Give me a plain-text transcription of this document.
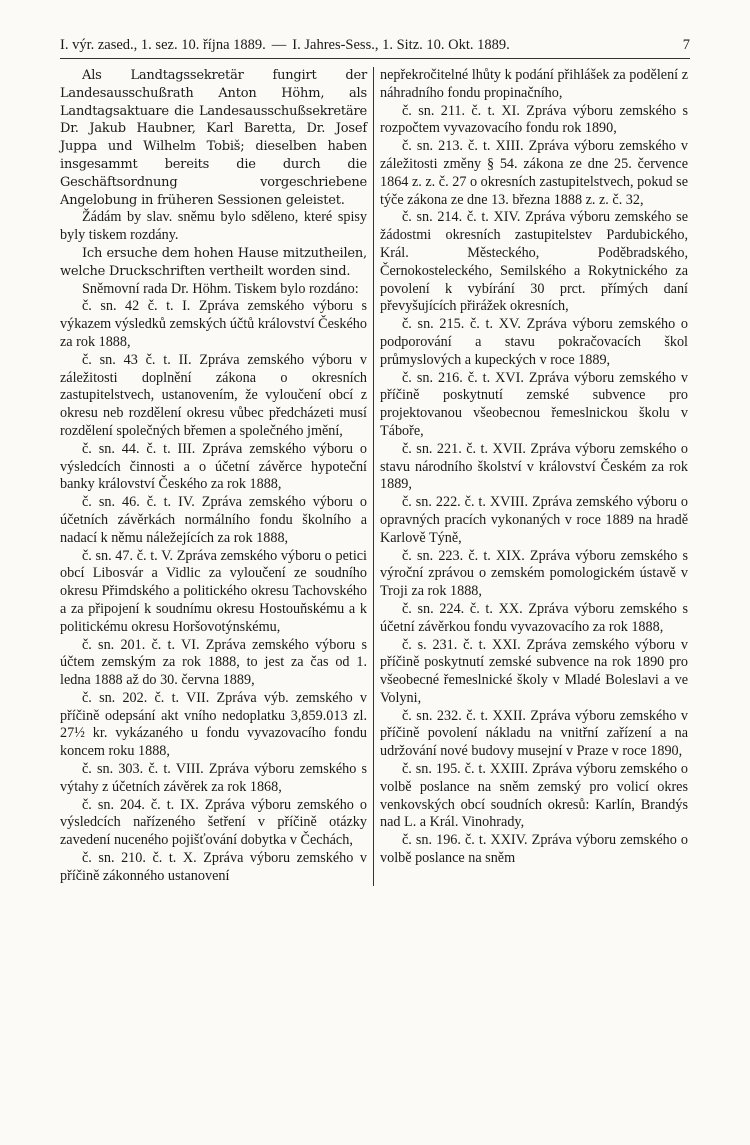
I. výr. zased., 1. sez. 10. října 1889. — I. Jahres-Sess., 1. Sitz. 10. Okt. 1889.	7

Als Landtagssekretär fungirt der Landesausschußrath Anton Höhm, als Landtagsaktuare die Landesausschußsekretäre Dr. Jakub Haubner, Karl Baretta, Dr. Josef Juppa und Wilhelm Tobiš; dieselben haben insgesammt bereits die durch die Geschäftsordnung vorgeschriebene Angelobung in früheren Sessionen geleistet.

Žádám by slav. sněmu bylo sděleno, které spisy byly tiskem rozdány.

Ich ersuche dem hohen Hause mitzutheilen, welche Druckschriften vertheilt worden sind.

Sněmovní rada Dr. Höhm. Tiskem bylo rozdáno:

č. sn. 42 č. t. I. Zpráva zemského výboru s výkazem výsledků zemských účtů království Českého za rok 1888,

č. sn. 43 č. t. II. Zpráva zemského výboru v záležitosti doplnění zákona o okresních zastupitelstvech, ustanovením, že vyloučení obcí z okresu neb rozdělení okresu vůbec předcházeti musí rozdělení společných břemen a společného jmění,

č. sn. 44. č. t. III. Zpráva zemského výboru o výsledcích činnosti a o účetní závěrce hypoteční banky království Českého za rok 1888,

č. sn. 46. č. t. IV. Zpráva zemského výboru o účetních závěrkách normálního fondu školního a nadací k němu náležejících za rok 1888,

č. sn. 47. č. t. V. Zpráva zemského výboru o petici obcí Libosvár a Vidlic za vyloučení ze soudního okresu Přimdského a politického okresu Tachovského a za připojení k soudnímu okresu Hostouňskému a k politickému okresu Horšovotýnskému,

č. sn. 201. č. t. VI. Zpráva zemského výboru s účtem zemským za rok 1888, to jest za čas od 1. ledna 1888 až do 30. června 1889,

č. sn. 202. č. t. VII. Zpráva výb. zemského v příčině odepsání akt vního nedoplatku 3,859.013 zl. 27½ kr. vykázaného u fondu vyvazovacího fondu koncem roku 1888,

č. sn. 303. č. t. VIII. Zpráva výboru zemského s výtahy z účetních závěrek za rok 1868,

č. sn. 204. č. t. IX. Zpráva výboru zemského o výsledcích nařízeného šetření v příčině otázky zavedení nuceného pojišťování dobytka v Čechách,

č. sn. 210. č. t. X. Zpráva výboru zemského v příčině zákonného ustanovení

nepřekročitelné lhůty k podání přihlášek za podělení z náhradního fondu propinačního,

č. sn. 211. č. t. XI. Zpráva výboru zemského s rozpočtem vyvazovacího fondu rok 1890,

č. sn. 213. č. t. XIII. Zpráva výboru zemského v záležitosti změny § 54. zákona ze dne 25. července 1864 z. z. č. 27 o okresních zastupitelstvech, pokud se týče zákona ze dne 13. března 1888 z. z. č. 32,

č. sn. 214. č. t. XIV. Zpráva výboru zemského se žádostmi okresních zastupitelstev Pardubického, Král. Městeckého, Poděbradského, Černokosteleckého, Semilského a Rokytnického za povolení k vybírání 30 prct. přímých daní převyšujících přirážek okresních,

č. sn. 215. č. t. XV. Zpráva výboru zemského o podporování a stavu pokračovacích škol průmyslových a kupeckých v roce 1889,

č. sn. 216. č. t. XVI. Zpráva výboru zemského v příčině poskytnutí zemské subvence pro projektovanou všeobecnou řemeslnickou školu v Táboře,

č. sn. 221. č. t. XVII. Zpráva výboru zemského o stavu národního školství v království Českém za rok 1889,

č. sn. 222. č. t. XVIII. Zpráva zemského výboru o opravných pracích vykonaných v roce 1889 na hradě Karlově Týně,

č. sn. 223. č. t. XIX. Zpráva výboru zemského s výroční zprávou o zemském pomologickém ústavě v Troji za rok 1888,

č. sn. 224. č. t. XX. Zpráva výboru zemského s účetní závěrkou fondu vyvazovacího za rok 1888,

č. s. 231. č. t. XXI. Zpráva zemského výboru v příčině poskytnutí zemské subvence na rok 1890 pro všeobecné řemeslnické školy v Mladé Boleslavi a ve Volyni,

č. sn. 232. č. t. XXII. Zpráva výboru zemského v příčině povolení nákladu na vnitřní zařízení a na udržování nové budovy musejní v Praze v roce 1890,

č. sn. 195. č. t. XXIII. Zpráva výboru zemského o volbě poslance na sněm zemský pro volicí okres venkovských obcí soudních okresů: Karlín, Brandýs nad L. a Král. Vinohrady,

č. sn. 196. č. t. XXIV. Zpráva výboru zemského o volbě poslance na sněm
